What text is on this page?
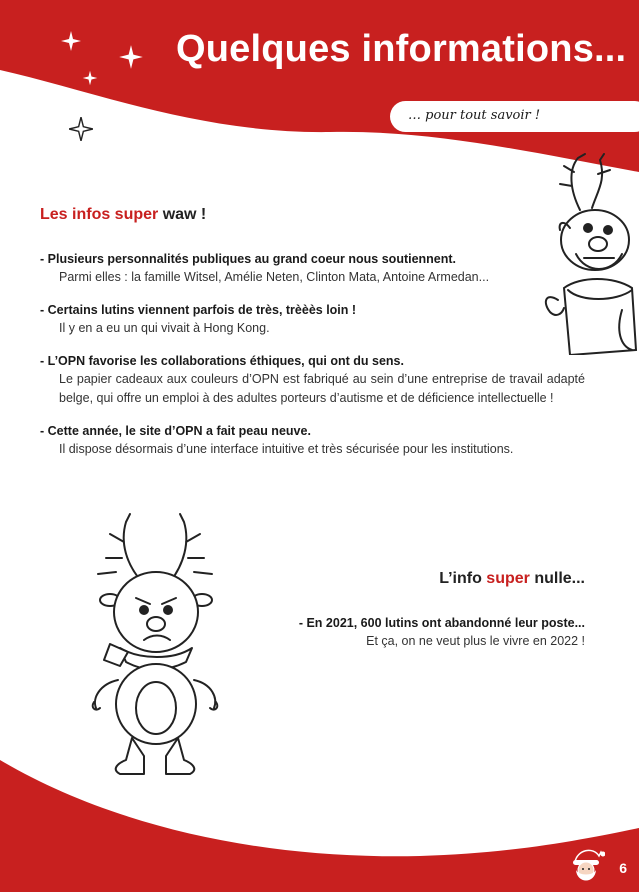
Quelques informations...
… pour tout savoir !
Les infos super waw !
- Plusieurs personnalités publiques au grand coeur nous soutiennent.
Parmi elles : la famille Witsel, Amélie Neten, Clinton Mata, Antoine Armedan...
- Certains lutins viennent parfois de très, trèèès loin !
Il y en a eu un qui vivait à Hong Kong.
- L’OPN favorise les collaborations éthiques, qui ont du sens.
Le papier cadeaux aux couleurs d’OPN est fabriqué au sein d’une entreprise de travail adapté belge, qui offre un emploi à des adultes porteurs d’autisme et de déficience intellectuelle !
- Cette année, le site d’OPN a fait peau neuve.
Il dispose désormais d’une interface intuitive et très sécurisée pour les institutions.
L’info super nulle...
- En 2021, 600 lutins ont abandonné leur poste...
Et ça, on ne veut plus le vivre en 2022 !
6
